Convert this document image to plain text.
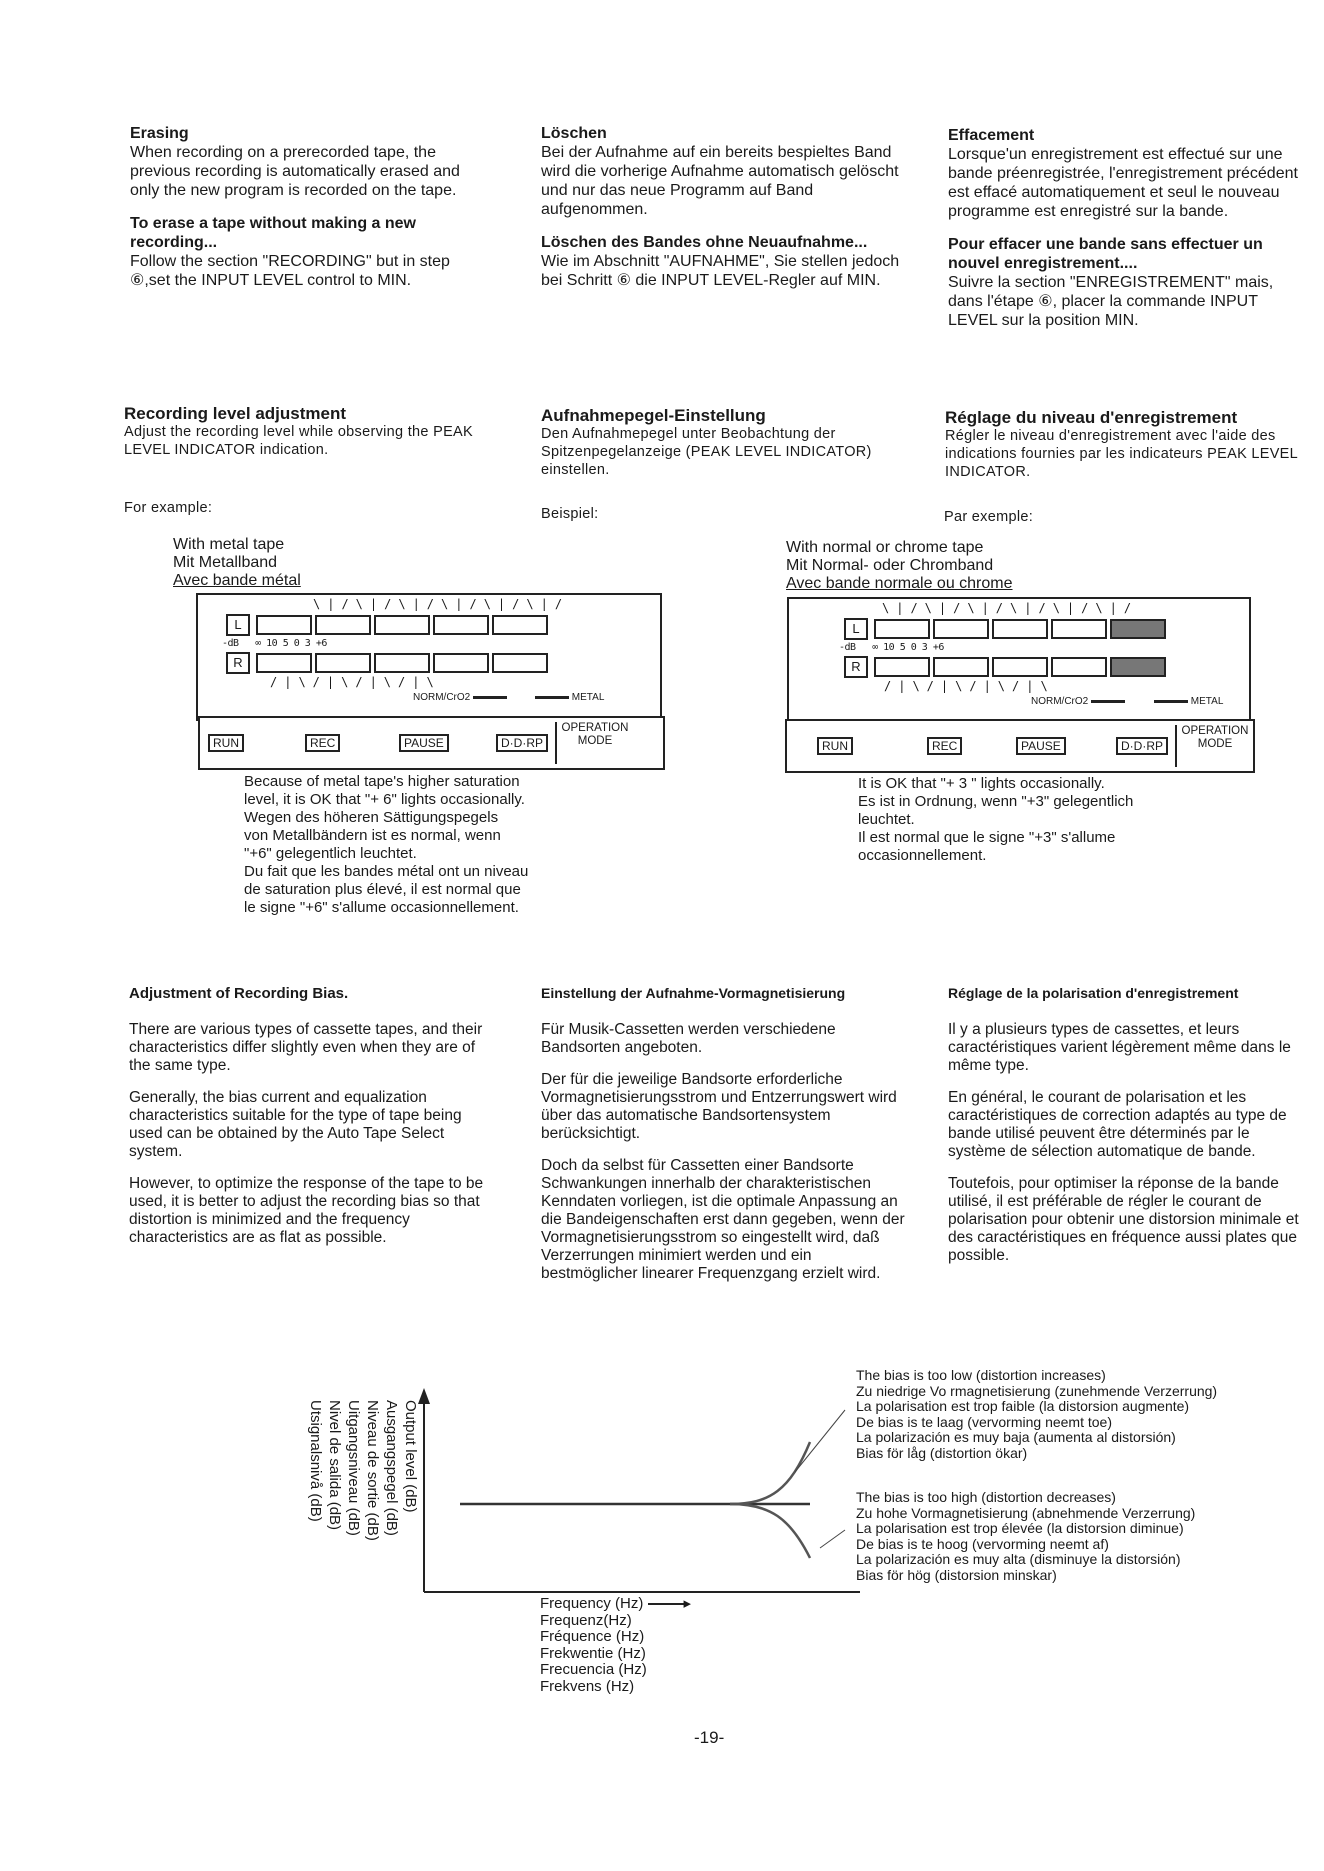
Erasing
When recording on a prerecorded tape, the previous recording is automatically erased and only the new program is recorded on the tape.
To erase a tape without making a new recording...
Follow the section "RECORDING" but in step ⑥,set the INPUT LEVEL control to MIN.
Löschen
Bei der Aufnahme auf ein bereits bespieltes Band wird die vorherige Aufnahme automatisch gelöscht und nur das neue Programm auf Band aufgenommen.
Löschen des Bandes ohne Neuaufnahme...
Wie im Abschnitt "AUFNAHME", Sie stellen jedoch bei Schritt ⑥ die INPUT LEVEL-Regler auf MIN.
Effacement
Lorsque'un enregistrement est effectué sur une bande préenregistrée, l'enregistrement précédent est effacé automatiquement et seul le nouveau programme est enregistré sur la bande.
Pour effacer une bande sans effectuer un nouvel enregistrement....
Suivre la section "ENREGISTREMENT" mais, dans l'étape ⑥, placer la commande INPUT LEVEL sur la position MIN.
Recording level adjustment
Adjust the recording level while observing the PEAK LEVEL INDICATOR indication.
For example:
Aufnahmepegel-Einstellung
Den Aufnahmepegel unter Beobachtung der Spitzenpegelanzeige (PEAK LEVEL INDICATOR) einstellen.
Beispiel:
Réglage du niveau d'enregistrement
Régler le niveau d'enregistrement avec l'aide des indications fournies par les indicateurs PEAK LEVEL INDICATOR.
Par exemple:
With metal tape
Mit Metallband
Avec bande métal
\|/\|/\|/\|/\|/\|/
L
-dB   ∞ 10 5 0 3 +6
R
/|\/|\/|\/|\
NORM/CrO2	METAL
RUN	REC	PAUSE	D·D·RP
OPERATION MODE
Because of metal tape's higher saturation
level, it is OK that "+ 6" lights occasionally.
Wegen des höheren Sättigungspegels
von Metallbändern ist es normal, wenn
"+6" gelegentlich leuchtet.
Du fait que les bandes métal ont un niveau
de saturation plus élevé, il est normal que
le signe "+6" s'allume occasionnellement.
With normal or chrome tape
Mit Normal- oder Chromband
Avec bande normale ou chrome
\|/\|/\|/\|/\|/\|/
L
-dB   ∞ 10 5 0 3 +6
R
/|\/|\/|\/|\
NORM/CrO2	METAL
RUN	REC	PAUSE	D·D·RP
OPERATION MODE
It is OK that "+ 3 " lights occasionally.
Es ist in Ordnung, wenn "+3" gelegentlich
leuchtet.
Il est normal que le signe "+3" s'allume
occasionnellement.
Adjustment of Recording Bias.
There are various types of cassette tapes, and their characteristics differ slightly even when they are of the same type.
Generally, the bias current and equalization characteristics suitable for the type of tape being used can be obtained by the Auto Tape Select system.
However, to optimize the response of the tape to be used, it is better to adjust the recording bias so that distortion is minimized and the frequency characteristics are as flat as possible.
Einstellung der Aufnahme-Vormagnetisierung
Für Musik-Cassetten werden verschiedene Bandsorten angeboten.
Der für die jeweilige Bandsorte erforderliche Vormagnetisierungsstrom und Entzerrungswert wird über das automatische Bandsortensystem berücksichtigt.
Doch da selbst für Cassetten einer Bandsorte Schwankungen innerhalb der charakteristischen Kenndaten vorliegen, ist die optimale Anpassung an die Bandeigenschaften erst dann gegeben, wenn der Vormagnetisierungsstrom so eingestellt wird, daß Verzerrungen minimiert werden und ein bestmöglicher linearer Frequenzgang erzielt wird.
Réglage de la polarisation d'enregistrement
Il y a plusieurs types de cassettes, et leurs caractéristiques varient légèrement même dans le même type.
En général, le courant de polarisation et les caractéristiques de correction adaptés au type de bande utilisé peuvent être déterminés par le système de sélection automatique de bande.
Toutefois, pour optimiser la réponse de la bande utilisé, il est préférable de régler le courant de polarisation pour obtenir une distorsion minimale et des caractéristiques en fréquence aussi plates que possible.
Output level (dB)
Ausgangspegel (dB)
Niveau de sortie (dB)
Uitgangsniveau (dB)
Nivel de salida (dB)
Utsignalsnivå (dB)
Frequency (Hz)	▸
Frequenz(Hz)
Fréquence (Hz)
Frekwentie (Hz)
Frecuencia (Hz)
Frekvens (Hz)
The bias is too low (distortion increases)
Zu niedrige Vo rmagnetisierung (zunehmende Verzerrung)
La polarisation est trop faible (la distorsion augmente)
De bias is te laag (vervorming neemt toe)
La polarización es muy baja (aumenta al distorsión)
Bias för låg (distortion ökar)
The bias is too high (distortion decreases)
Zu hohe Vormagnetisierung (abnehmende Verzerrung)
La polarisation est trop élevée (la distorsion diminue)
De bias is te hoog (vervorming neemt af)
La polarización es muy alta (disminuye la distorsión)
Bias för hög (distorsion minskar)
-19-
